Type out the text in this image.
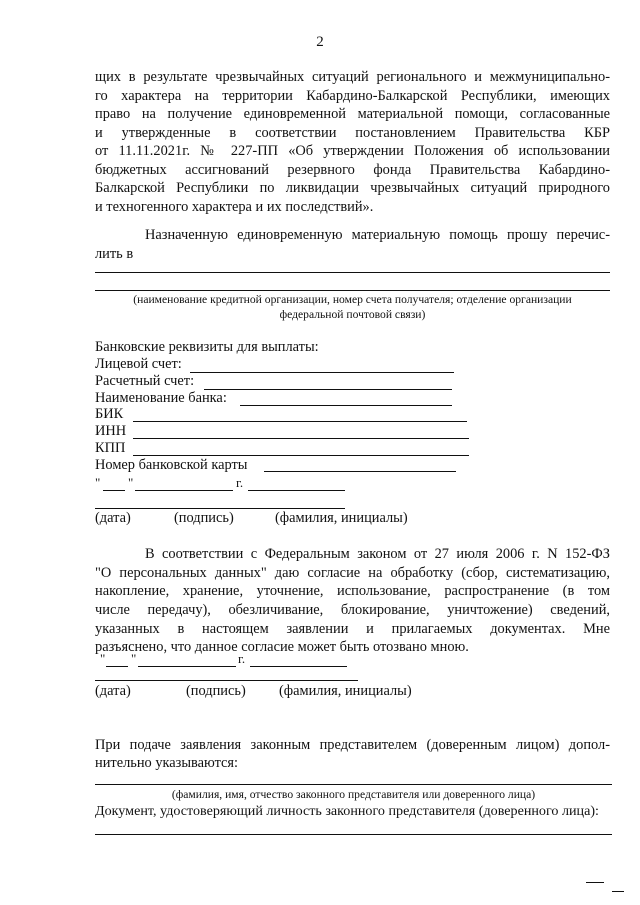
2
щих в результате чрезвычайных ситуаций регионального и межмуниципально-
го характера на территории Кабардино-Балкарской Республики, имеющих
право на получение единовременной материальной помощи, согласованные
и утвержденные в соответствии постановлением Правительства КБР
от 11.11.2021г. № 227-ПП «Об утверждении Положения об использовании
бюджетных ассигнований резервного фонда Правительства Кабардино-
Балкарской Республики по ликвидации чрезвычайных ситуаций природного
и техногенного характера и их последствий».
Назначенную единовременную материальную помощь прошу перечис-
лить в
(наименование кредитной организации, номер счета получателя; отделение организации
федеральной почтовой связи)
Банковские реквизиты для выплаты:
Лицевой счет:
Расчетный счет:
Наименование банка:
БИК
ИНН
КПП
Номер банковской карты
" "	г.
(дата)	(подпись)	(фамилия, инициалы)
В соответствии с Федеральным законом от 27 июля 2006 г. N 152-ФЗ
"О персональных данных" даю согласие на обработку (сбор, систематизацию,
накопление, хранение, уточнение, использование, распространение (в том
числе передачу), обезличивание, блокирование, уничтожение) сведений,
указанных в настоящем заявлении и прилагаемых документах. Мне
разъяснено, что данное согласие может быть отозвано мною.
" "	г.
(дата)	(подпись) (фамилия, инициалы)
При подаче заявления законным представителем (доверенным лицом) допол-
нительно указываются:
(фамилия, имя, отчество законного представителя или доверенного лица)
Документ, удостоверяющий личность законного представителя (доверенного лица):
